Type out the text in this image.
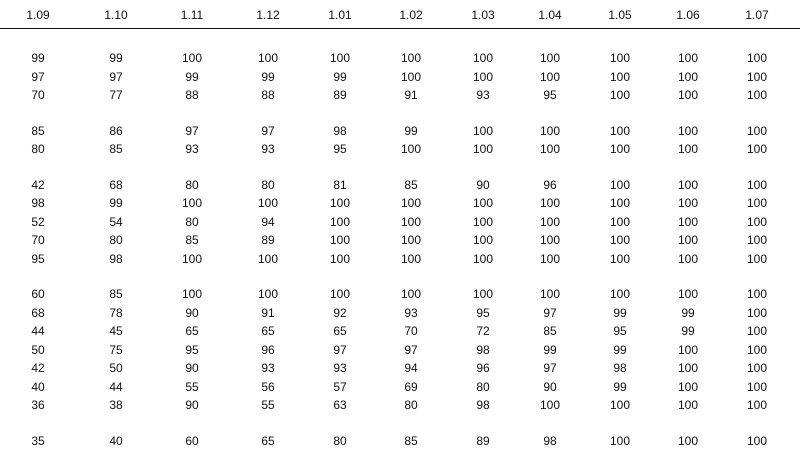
1.09	1.10	1.11	1.12	1.01	1.02	1.03	1.04	1.05	1.06	1.07
99	99	100	100	100	100	100	100	100	100	100
97	97	99	99	99	100	100	100	100	100	100
70	77	88	88	89	91	93	95	100	100	100
85	86	97	97	98	99	100	100	100	100	100
80	85	93	93	95	100	100	100	100	100	100
42	68	80	80	81	85	90	96	100	100	100
98	99	100	100	100	100	100	100	100	100	100
52	54	80	94	100	100	100	100	100	100	100
70	80	85	89	100	100	100	100	100	100	100
95	98	100	100	100	100	100	100	100	100	100
60	85	100	100	100	100	100	100	100	100	100
68	78	90	91	92	93	95	97	99	99	100
44	45	65	65	65	70	72	85	95	99	100
50	75	95	96	97	97	98	99	99	100	100
42	50	90	93	93	94	96	97	98	100	100
40	44	55	56	57	69	80	90	99	100	100
36	38	90	55	63	80	98	100	100	100	100
35	40	60	65	80	85	89	98	100	100	100
